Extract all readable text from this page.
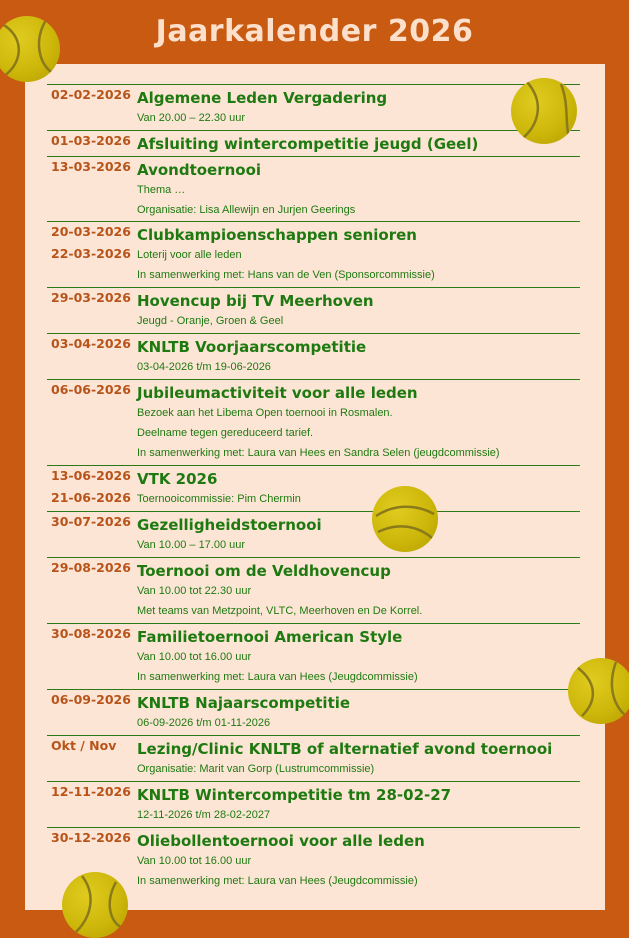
Jaarkalender 2026
02-02-2026 Algemene Leden Vergadering
Van 20.00 – 22.30 uur
01-03-2026 Afsluiting wintercompetitie jeugd (Geel)
13-03-2026 Avondtoernooi
Thema …
Organisatie: Lisa Allewijn en Jurjen Geerings
20-03-2026
22-03-2026
Clubkampioenschappen senioren
Loterij voor alle leden
In samenwerking met: Hans van de Ven (Sponsorcommissie)
29-03-2026 Hovencup bij TV Meerhoven
Jeugd - Oranje, Groen & Geel
03-04-2026 KNLTB Voorjaarscompetitie
03-04-2026 t/m 19-06-2026
06-06-2026 Jubileumactiviteit voor alle leden
Bezoek aan het Libema Open toernooi in Rosmalen.
Deelname tegen gereduceerd tarief.
In samenwerking met: Laura van Hees en Sandra Selen (jeugdcommissie)
13-06-2026
21-06-2026
VTK 2026
Toernooicommissie: Pim Chermin
30-07-2026 Gezelligheidstoernooi
Van 10.00 – 17.00 uur
29-08-2026 Toernooi om de Veldhovencup
Van 10.00 tot 22.30 uur
Met teams van Metzpoint, VLTC, Meerhoven en De Korrel.
30-08-2026 Familietoernooi American Style
Van 10.00 tot 16.00 uur
In samenwerking met: Laura van Hees (Jeugdcommissie)
06-09-2026 KNLTB Najaarscompetitie
06-09-2026 t/m 01-11-2026
Okt / Nov	Lezing/Clinic KNLTB of alternatief avond toernooi
Organisatie: Marit van Gorp (Lustrumcommissie)
12-11-2026 KNLTB Wintercompetitie tm 28-02-27
12-11-2026 t/m 28-02-2027
30-12-2026 Oliebollentoernooi voor alle leden
Van 10.00 tot 16.00 uur
In samenwerking met: Laura van Hees (Jeugdcommissie)
